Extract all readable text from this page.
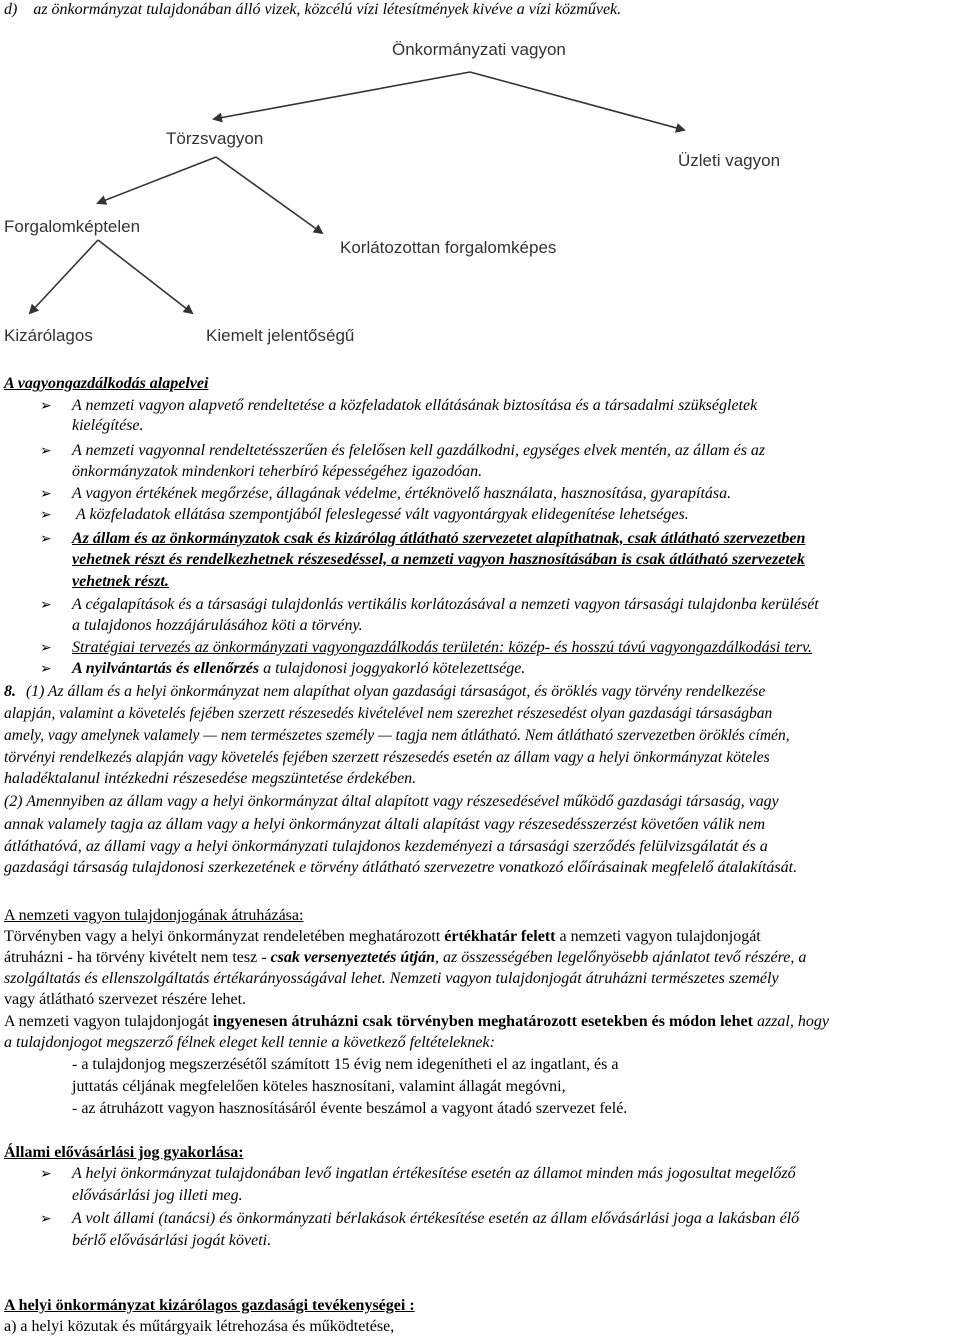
d)    az önkormányzat tulajdonában álló vizek, közcélú vízi létesítmények kivéve a vízi közművek.
Önkormányzati vagyon
Törzsvagyon
Üzleti vagyon
Forgalomképtelen
Korlátozottan forgalomképes
Kizárólagos	Kiemelt jelentőségű
A vagyongazdálkodás alapelvei
➢ A nemzeti vagyon alapvető rendeltetése a közfeladatok ellátásának biztosítása és a társadalmi szükségletek
kielégítése.
➢ A nemzeti vagyonnal rendeltetésszerűen és felelősen kell gazdálkodni, egységes elvek mentén, az állam és az
önkormányzatok mindenkori teherbíró képességéhez igazodóan.
➢ A vagyon értékének megőrzése, állagának védelme, értéknövelő használata, hasznosítása, gyarapítása.
➢ A közfeladatok ellátása szempontjából feleslegessé vált vagyontárgyak elidegenítése lehetséges.
➢ Az állam és az önkormányzatok csak és kizárólag átlátható szervezetet alapíthatnak, csak átlátható szervezetben
vehetnek részt és rendelkezhetnek részesedéssel, a nemzeti vagyon hasznosításában is csak átlátható szervezetek
vehetnek részt.
➢ A cégalapítások és a társasági tulajdonlás vertikális korlátozásával a nemzeti vagyon társasági tulajdonba kerülését
a tulajdonos hozzájárulásához köti a törvény.
➢ Stratégiai tervezés az önkormányzati vagyongazdálkodás területén: közép- és hosszú távú vagyongazdálkodási terv.
➢ A nyilvántartás és ellenőrzés a tulajdonosi joggyakorló kötelezettsége.
8. (1) Az állam és a helyi önkormányzat nem alapíthat olyan gazdasági társaságot, és öröklés vagy törvény rendelkezése
alapján, valamint a követelés fejében szerzett részesedés kivételével nem szerezhet részesedést olyan gazdasági társaságban
amely, vagy amelynek valamely — nem természetes személy — tagja nem átlátható. Nem átlátható szervezetben öröklés címén,
törvényi rendelkezés alapján vagy követelés fejében szerzett részesedés esetén az állam vagy a helyi önkormányzat köteles
haladéktalanul intézkedni részesedése megszüntetése érdekében.
(2) Amennyiben az állam vagy a helyi önkormányzat által alapított vagy részesedésével működő gazdasági társaság, vagy
annak valamely tagja az állam vagy a helyi önkormányzat általi alapítást vagy részesedésszerzést követően válik nem
átláthatóvá, az állami vagy a helyi önkormányzati tulajdonos kezdeményezi a társasági szerződés felülvizsgálatát és a
gazdasági társaság tulajdonosi szerkezetének e törvény átlátható szervezetre vonatkozó előírásainak megfelelő átalakítását.
A nemzeti vagyon tulajdonjogának átruházása:
Törvényben vagy a helyi önkormányzat rendeletében meghatározott értékhatár felett a nemzeti vagyon tulajdonjogát
átruházni - ha törvény kivételt nem tesz - csak versenyeztetés útján, az összességében legelőnyösebb ajánlatot tevő részére, a
szolgáltatás és ellenszolgáltatás értékarányosságával lehet. Nemzeti vagyon tulajdonjogát átruházni természetes személy
vagy átlátható szervezet részére lehet.
A nemzeti vagyon tulajdonjogát ingyenesen átruházni csak törvényben meghatározott esetekben és módon lehet azzal, hogy
a tulajdonjogot megszerző félnek eleget kell tennie a következő feltételeknek:
- a tulajdonjog megszerzésétől számított 15 évig nem idegenítheti el az ingatlant, és a
juttatás céljának megfelelően köteles hasznosítani, valamint állagát megóvni,
- az átruházott vagyon hasznosításáról évente beszámol a vagyont átadó szervezet felé.
Állami elővásárlási jog gyakorlása:
➢ A helyi önkormányzat tulajdonában levő ingatlan értékesítése esetén az államot minden más jogosultat megelőző
elővásárlási jog illeti meg.
➢ A volt állami (tanácsi) és önkormányzati bérlakások értékesítése esetén az állam elővásárlási joga a lakásban élő
bérlő elővásárlási jogát követi.
A helyi önkormányzat kizárólagos gazdasági tevékenységei :
a) a helyi közutak és műtárgyaik létrehozása és működtetése,
